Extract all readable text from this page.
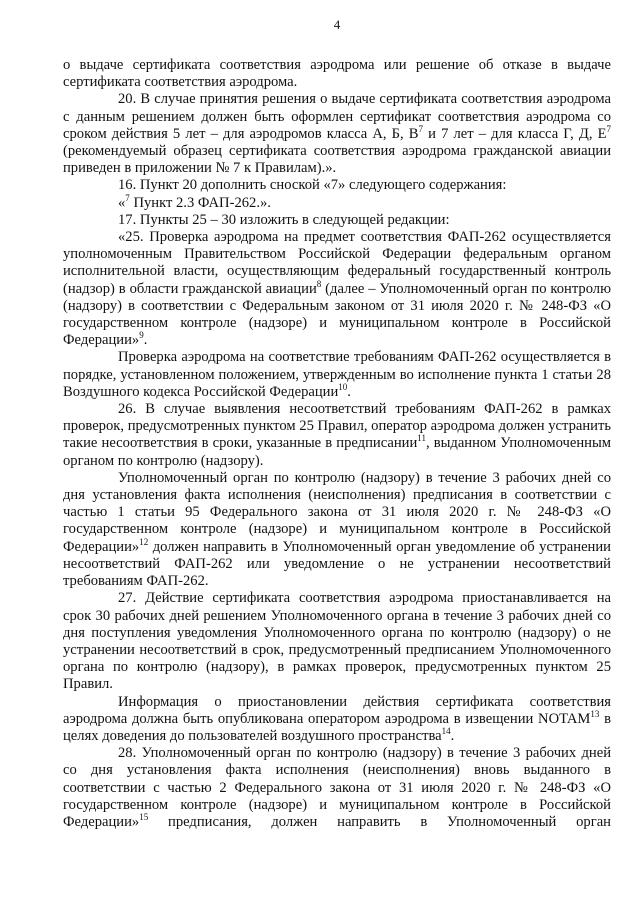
4

о выдаче сертификата соответствия аэродрома или решение об отказе в выдаче сертификата соответствия аэродрома.

20. В случае принятия решения о выдаче сертификата соответствия аэродрома с данным решением должен быть оформлен сертификат соответствия аэродрома со сроком действия 5 лет – для аэродромов класса А, Б, $В^7$ и 7 лет – для класса Г, Д, $Е^7$ (рекомендуемый образец сертификата соответствия аэродрома гражданской авиации приведен в приложении № 7 к Правилам).».

16. Пункт 20 дополнить сноской «7» следующего содержания:

«$^7$ Пункт 2.3 ФАП-262.».

17. Пункты 25 – 30 изложить в следующей редакции:

«25. Проверка аэродрома на предмет соответствия ФАП-262 осуществляется уполномоченным Правительством Российской Федерации федеральным органом исполнительной власти, осуществляющим федеральный государственный контроль (надзор) в области гражданской авиации$^8$ (далее – Уполномоченный орган по контролю (надзору) в соответствии с Федеральным законом от 31 июля 2020 г. № 248-ФЗ «О государственном контроле (надзоре) и муниципальном контроле в Российской Федерации»$^9$.

Проверка аэродрома на соответствие требованиям ФАП-262 осуществляется в порядке, установленном положением, утвержденным во исполнение пункта 1 статьи 28 Воздушного кодекса Российской Федерации$^{10}$.

26. В случае выявления несоответствий требованиям ФАП-262 в рамках проверок, предусмотренных пунктом 25 Правил, оператор аэродрома должен устранить такие несоответствия в сроки, указанные в предписании$^{11}$, выданном Уполномоченным органом по контролю (надзору).

Уполномоченный орган по контролю (надзору) в течение 3 рабочих дней со дня установления факта исполнения (неисполнения) предписания в соответствии с частью 1 статьи 95 Федерального закона от 31 июля 2020 г. № 248-ФЗ «О государственном контроле (надзоре) и муниципальном контроле в Российской Федерации»$^{12}$ должен направить в Уполномоченный орган уведомление об устранении несоответствий ФАП-262 или уведомление о не устранении несоответствий требованиям ФАП-262.

27. Действие сертификата соответствия аэродрома приостанавливается на срок 30 рабочих дней решением Уполномоченного органа в течение 3 рабочих дней со дня поступления уведомления Уполномоченного органа по контролю (надзору) о не устранении несоответствий в срок, предусмотренный предписанием Уполномоченного органа по контролю (надзору), в рамках проверок, предусмотренных пунктом 25 Правил.

Информация о приостановлении действия сертификата соответствия аэродрома должна быть опубликована оператором аэродрома в извещении NOTAM$^{13}$ в целях доведения до пользователей воздушного пространства$^{14}$.

28. Уполномоченный орган по контролю (надзору) в течение 3 рабочих дней со дня установления факта исполнения (неисполнения) вновь выданного в соответствии с частью 2 Федерального закона от 31 июля 2020 г. № 248-ФЗ «О государственном контроле (надзоре) и муниципальном контроле в Российской Федерации»$^{15}$ предписания, должен направить в Уполномоченный орган
